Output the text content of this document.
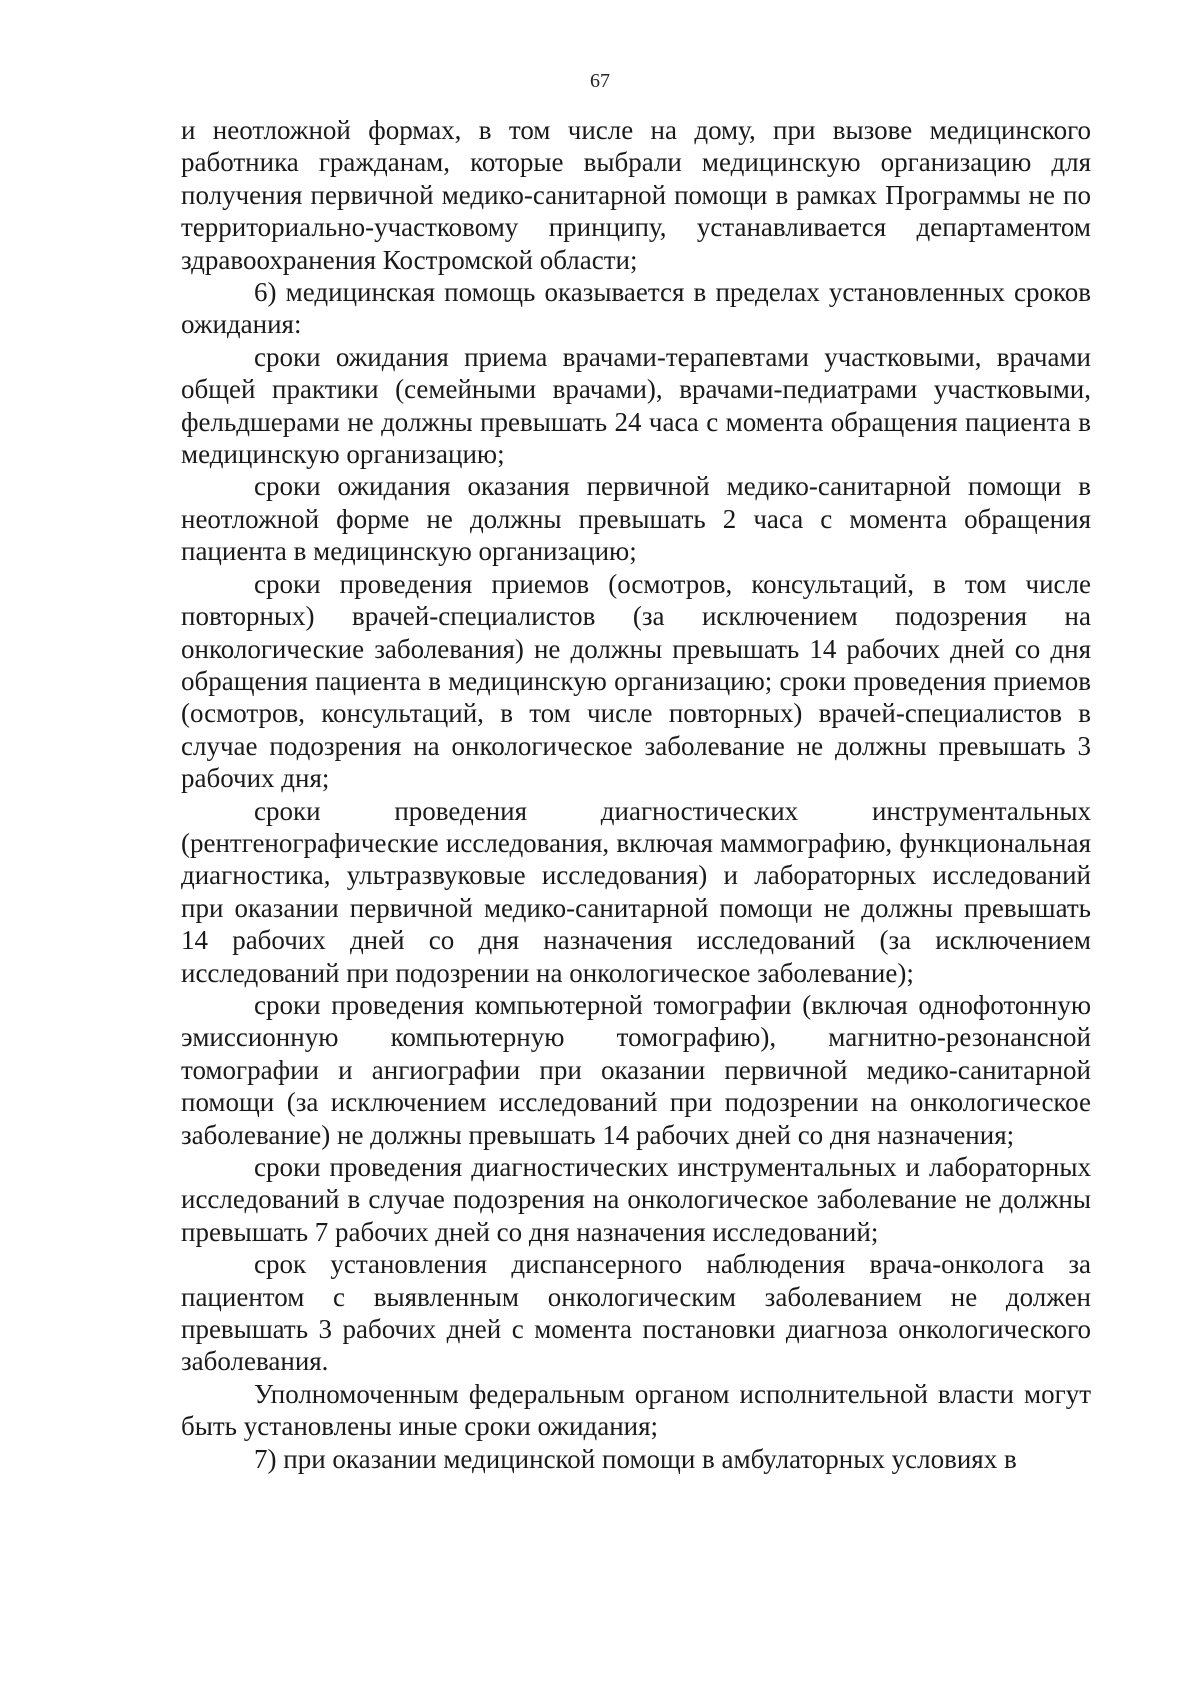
67

и неотложной формах, в том числе на дому, при вызове медицинского работника гражданам, которые выбрали медицинскую организацию для получения первичной медико-санитарной помощи в рамках Программы не по территориально-участковому принципу, устанавливается департаментом здравоохранения Костромской области;

6) медицинская помощь оказывается в пределах установленных сроков ожидания:

сроки ожидания приема врачами-терапевтами участковыми, врачами общей практики (семейными врачами), врачами-педиатрами участковыми, фельдшерами не должны превышать 24 часа с момента обращения пациента в медицинскую организацию;

сроки ожидания оказания первичной медико-санитарной помощи в неотложной форме не должны превышать 2 часа с момента обращения пациента в медицинскую организацию;

сроки проведения приемов (осмотров, консультаций, в том числе повторных) врачей-специалистов (за исключением подозрения на онкологические заболевания) не должны превышать 14 рабочих дней со дня обращения пациента в медицинскую организацию; сроки проведения приемов (осмотров, консультаций, в том числе повторных) врачей-специалистов в случае подозрения на онкологическое заболевание не должны превышать 3 рабочих дня;

сроки проведения диагностических инструментальных (рентгенографические исследования, включая маммографию, функциональная диагностика, ультразвуковые исследования) и лабораторных исследований при оказании первичной медико-санитарной помощи не должны превышать 14 рабочих дней со дня назначения исследований (за исключением исследований при подозрении на онкологическое заболевание);

сроки проведения компьютерной томографии (включая однофотонную эмиссионную компьютерную томографию), магнитно-резонансной томографии и ангиографии при оказании первичной медико-санитарной помощи (за исключением исследований при подозрении на онкологическое заболевание) не должны превышать 14 рабочих дней со дня назначения;

сроки проведения диагностических инструментальных и лабораторных исследований в случае подозрения на онкологическое заболевание не должны превышать 7 рабочих дней со дня назначения исследований;

срок установления диспансерного наблюдения врача-онколога за пациентом с выявленным онкологическим заболеванием не должен превышать 3 рабочих дней с момента постановки диагноза онкологического заболевания.

Уполномоченным федеральным органом исполнительной власти могут быть установлены иные сроки ожидания;

7) при оказании медицинской помощи в амбулаторных условиях в
